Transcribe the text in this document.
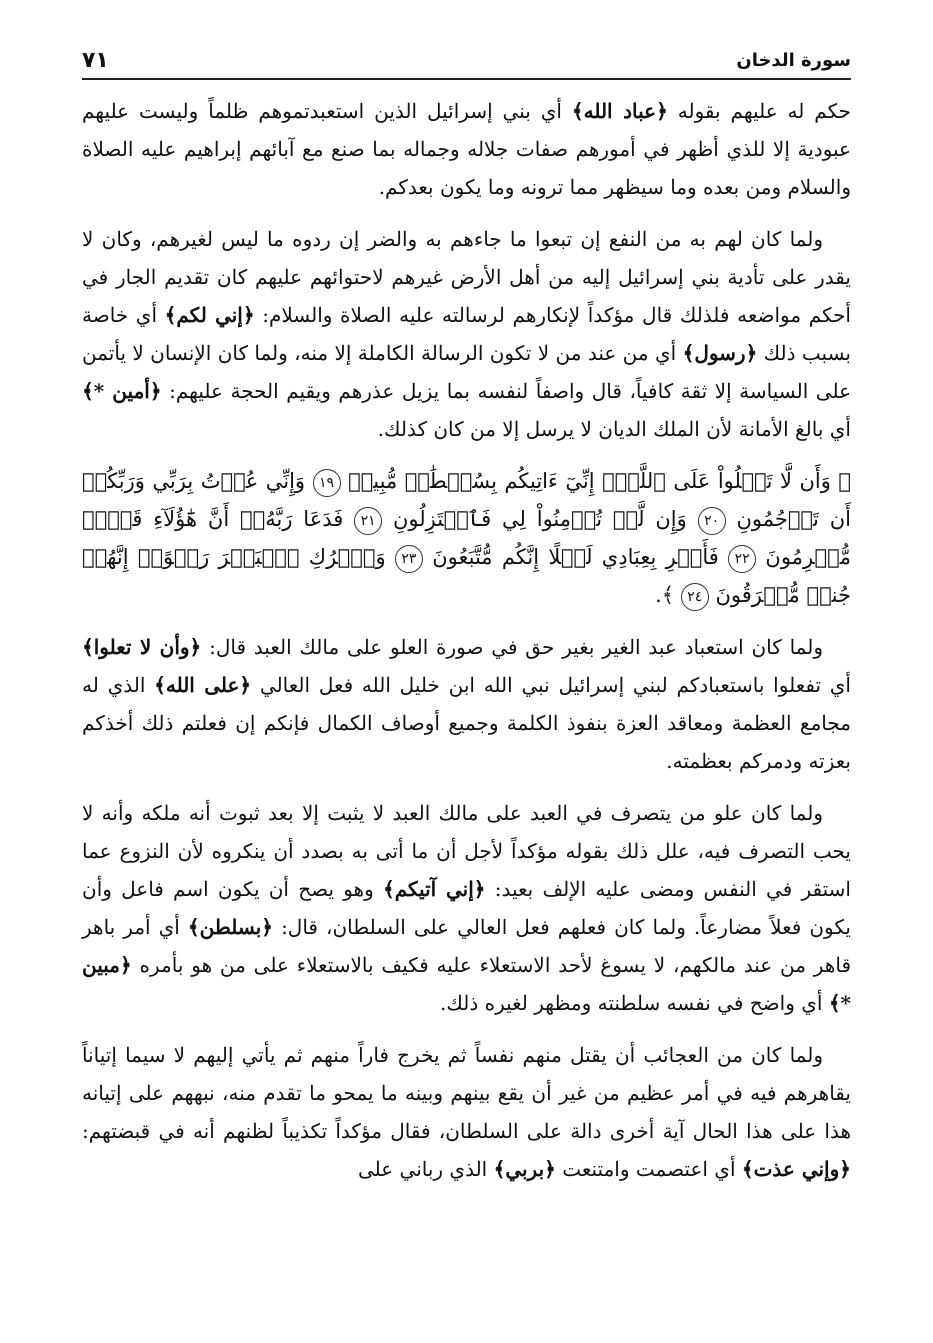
سورة الدخان
٧١

حكم له عليهم بقوله ﴿عباد الله﴾ أي بني إسرائيل الذين استعبدتموهم ظلماً وليست عليهم عبودية إلا للذي أظهر في أمورهم صفات جلاله وجماله بما صنع مع آبائهم إبراهيم عليه الصلاة والسلام ومن بعده وما سيظهر مما ترونه وما يكون بعدكم.

ولما كان لهم به من النفع إن تبعوا ما جاءهم به والضر إن ردوه ما ليس لغيرهم، وكان لا يقدر على تأدية بني إسرائيل إليه من أهل الأرض غيرهم لاحتوائهم عليهم كان تقديم الجار في أحكم مواضعه فلذلك قال مؤكداً لإنكارهم لرسالته عليه الصلاة والسلام: ﴿إني لكم﴾ أي خاصة بسبب ذلك ﴿رسول﴾ أي من عند من لا تكون الرسالة الكاملة إلا منه، ولما كان الإنسان لا يأتمن على السياسة إلا ثقة كافياً، قال واصفاً لنفسه بما يزيل عذرهم ويقيم الحجة عليهم: ﴿أمين *﴾ أي بالغ الأمانة لأن الملك الديان لا يرسل إلا من كان كذلك.

﴿ وَأَن لَّا تَعۡلُواْ عَلَى ٱللَّهِۖ إِنِّيٓ ءَاتِيكُم بِسُلۡطَٰنٖ مُّبِينٖ ١٩ وَإِنِّي عُذۡتُ بِرَبِّي وَرَبِّكُمۡ أَن تَرۡجُمُونِ ٢٠ وَإِن لَّمۡ تُؤۡمِنُواْ لِي فَٱعۡتَزِلُونِ ٢١ فَدَعَا رَبَّهُۥٓ أَنَّ هَٰٓؤُلَآءِ قَوۡمٞ مُّجۡرِمُونَ ٢٢ فَأَسۡرِ بِعِبَادِي لَيۡلًا إِنَّكُم مُّتَّبَعُونَ ٢٣ وَٱتۡرُكِ ٱلۡبَحۡرَ رَهۡوًاۖ إِنَّهُمۡ جُندٞ مُّغۡرَقُونَ ٢٤ ﴾.

ولما كان استعباد عبد الغير بغير حق في صورة العلو على مالك العبد قال: ﴿وأن لا تعلوا﴾ أي تفعلوا باستعبادكم لبني إسرائيل نبي الله ابن خليل الله فعل العالي ﴿على الله﴾ الذي له مجامع العظمة ومعاقد العزة بنفوذ الكلمة وجميع أوصاف الكمال فإنكم إن فعلتم ذلك أخذكم بعزته ودمركم بعظمته.

ولما كان علو من يتصرف في العبد على مالك العبد لا يثبت إلا بعد ثبوت أنه ملكه وأنه لا يحب التصرف فيه، علل ذلك بقوله مؤكداً لأجل أن ما أتى به بصدد أن ينكروه لأن النزوع عما استقر في النفس ومضى عليه الإلف بعيد: ﴿إني آتيكم﴾ وهو يصح أن يكون اسم فاعل وأن يكون فعلاً مضارعاً. ولما كان فعلهم فعل العالي على السلطان، قال: ﴿بسلطن﴾ أي أمر باهر قاهر من عند مالكهم، لا يسوغ لأحد الاستعلاء عليه فكيف بالاستعلاء على من هو بأمره ﴿مبين *﴾ أي واضح في نفسه سلطنته ومظهر لغيره ذلك.

ولما كان من العجائب أن يقتل منهم نفساً ثم يخرج فاراً منهم ثم يأتي إليهم لا سيما إتياناً يقاهرهم فيه في أمر عظيم من غير أن يقع بينهم وبينه ما يمحو ما تقدم منه، نبههم على إتيانه هذا على هذا الحال آية أخرى دالة على السلطان، فقال مؤكداً تكذيباً لظنهم أنه في قبضتهم: ﴿وإني عذت﴾ أي اعتصمت وامتنعت ﴿بربي﴾ الذي رباني على
